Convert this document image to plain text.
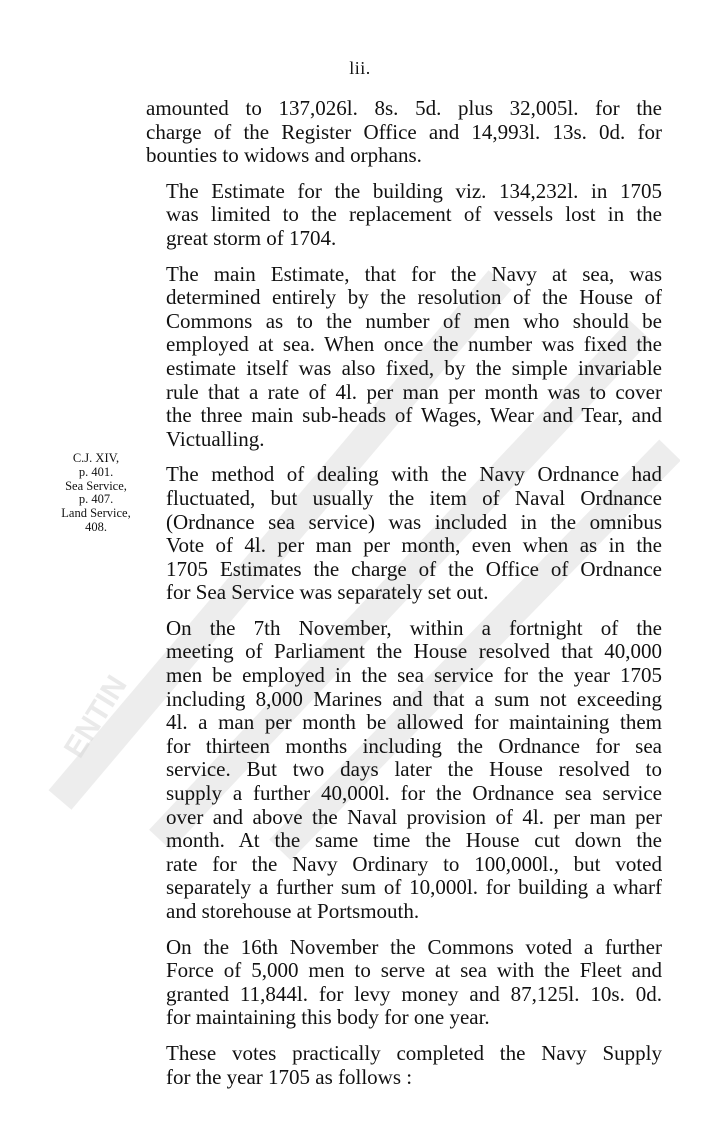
ENTIN
lii.

amounted to 137,026l. 8s. 5d. plus 32,005l. for the
charge of the Register Office and 14,993l. 13s. 0d. for
bounties to widows and orphans.

The Estimate for the building viz. 134,232l. in 1705
was limited to the replacement of vessels lost in the
great storm of 1704.

The main Estimate, that for the Navy at sea, was
determined entirely by the resolution of the House of
Commons as to the number of men who should be
employed at sea. When once the number was fixed the
estimate itself was also fixed, by the simple invariable
rule that a rate of 4l. per man per month was to cover
the three main sub-heads of Wages, Wear and Tear, and
Victualling.

The method of dealing with the Navy Ordnance had
fluctuated, but usually the item of Naval Ordnance
(Ordnance sea service) was included in the omnibus
Vote of 4l. per man per month, even when as in the
1705 Estimates the charge of the Office of Ordnance
for Sea Service was separately set out.

On the 7th November, within a fortnight of the
meeting of Parliament the House resolved that 40,000
men be employed in the sea service for the year 1705
including 8,000 Marines and that a sum not exceeding
4l. a man per month be allowed for maintaining them
for thirteen months including the Ordnance for sea
service. But two days later the House resolved to
supply a further 40,000l. for the Ordnance sea service
over and above the Naval provision of 4l. per man per
month. At the same time the House cut down the
rate for the Navy Ordinary to 100,000l., but voted
separately a further sum of 10,000l. for building a wharf
and storehouse at Portsmouth.

On the 16th November the Commons voted a further
Force of 5,000 men to serve at sea with the Fleet and
granted 11,844l. for levy money and 87,125l. 10s. 0d.
for maintaining this body for one year.

These votes practically completed the Navy Supply
for the year 1705 as follows :

C.J. XIV,
p. 401.
Sea Service,
p. 407.
Land Service,
408.
